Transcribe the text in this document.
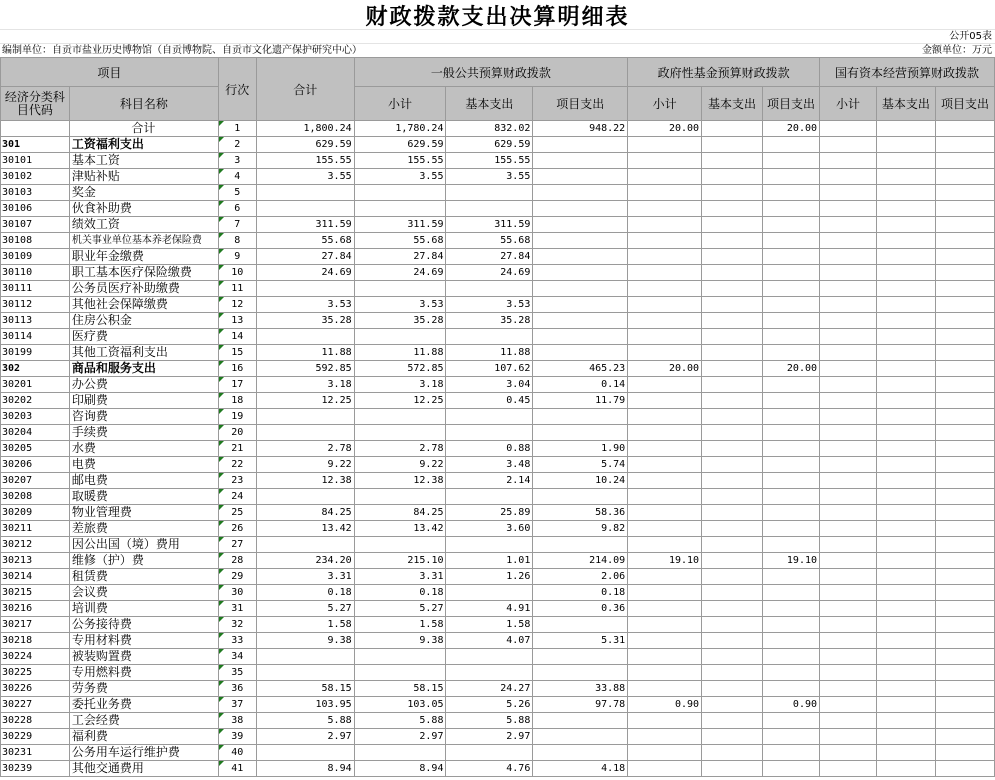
财政拨款支出决算明细表
公开05表
编制单位：自贡市盐业历史博物馆（自贡博物院、自贡市文化遗产保护研究中心）	金额单位：万元
项目		行次	合计	一般公共预算财政拨款			政府性基金预算财政拨款			国有资本经营预算财政拨款		
经济分类科目代码	科目名称			小计	基本支出	项目支出	小计	基本支出	项目支出	小计	基本支出	项目支出
	合计	1	1,800.24	1,780.24	832.02	948.22	20.00		20.00			
301	工资福利支出	2	629.59	629.59	629.59							
30101	基本工资	3	155.55	155.55	155.55							
30102	津贴补贴	4	3.55	3.55	3.55							
30103	奖金	5										
30106	伙食补助费	6										
30107	绩效工资	7	311.59	311.59	311.59							
30108	机关事业单位基本养老保险费	8	55.68	55.68	55.68							
30109	职业年金缴费	9	27.84	27.84	27.84							
30110	职工基本医疗保险缴费	10	24.69	24.69	24.69							
30111	公务员医疗补助缴费	11										
30112	其他社会保障缴费	12	3.53	3.53	3.53							
30113	住房公积金	13	35.28	35.28	35.28							
30114	医疗费	14										
30199	其他工资福利支出	15	11.88	11.88	11.88							
302	商品和服务支出	16	592.85	572.85	107.62	465.23	20.00		20.00			
30201	办公费	17	3.18	3.18	3.04	0.14						
30202	印刷费	18	12.25	12.25	0.45	11.79						
30203	咨询费	19										
30204	手续费	20										
30205	水费	21	2.78	2.78	0.88	1.90						
30206	电费	22	9.22	9.22	3.48	5.74						
30207	邮电费	23	12.38	12.38	2.14	10.24						
30208	取暖费	24										
30209	物业管理费	25	84.25	84.25	25.89	58.36						
30211	差旅费	26	13.42	13.42	3.60	9.82						
30212	因公出国（境）费用	27										
30213	维修（护）费	28	234.20	215.10	1.01	214.09	19.10		19.10			
30214	租赁费	29	3.31	3.31	1.26	2.06						
30215	会议费	30	0.18	0.18		0.18						
30216	培训费	31	5.27	5.27	4.91	0.36						
30217	公务接待费	32	1.58	1.58	1.58							
30218	专用材料费	33	9.38	9.38	4.07	5.31						
30224	被装购置费	34										
30225	专用燃料费	35										
30226	劳务费	36	58.15	58.15	24.27	33.88						
30227	委托业务费	37	103.95	103.05	5.26	97.78	0.90		0.90			
30228	工会经费	38	5.88	5.88	5.88							
30229	福利费	39	2.97	2.97	2.97							
30231	公务用车运行维护费	40										
30239	其他交通费用	41	8.94	8.94	4.76	4.18						
